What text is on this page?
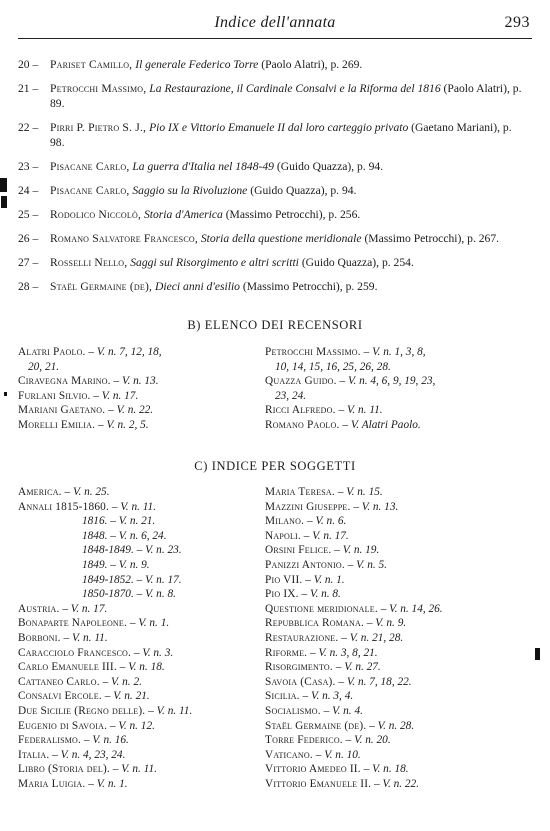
Indice dell'annata	293
20 – Pariset Camillo, Il generale Federico Torre (Paolo Alatri), p. 269.
21 – Petrocchi Massimo, La Restaurazione, il Cardinale Consalvi e la Riforma del 1816 (Paolo Alatri), p. 89.
22 – Pirri P. Pietro S. J., Pio IX e Vittorio Emanuele II dal loro carteggio privato (Gaetano Mariani), p. 98.
23 – Pisacane Carlo, La guerra d'Italia nel 1848-49 (Guido Quazza), p. 94.
24 – Pisacane Carlo, Saggio su la Rivoluzione (Guido Quazza), p. 94.
25 – Rodolico Niccolò, Storia d'America (Massimo Petrocchi), p. 256.
26 – Romano Salvatore Francesco, Storia della questione meridionale (Massimo Petrocchi), p. 267.
27 – Rosselli Nello, Saggi sul Risorgimento e altri scritti (Guido Quazza), p. 254.
28 – Staël Germaine (de), Dieci anni d'esilio (Massimo Petrocchi), p. 259.
B) ELENCO DEI RECENSORI
Alatri Paolo. – V. n. 7, 12, 18,
20, 21.
Ciravegna Marino. – V. n. 13.
Furlani Silvio. – V. n. 17.
Mariani Gaetano. – V. n. 22.
Morelli Emilia. – V. n. 2, 5.
Petrocchi Massimo. – V. n. 1, 3, 8,
10, 14, 15, 16, 25, 26, 28.
Quazza Guido. – V. n. 4, 6, 9, 19, 23,
23, 24.
Ricci Alfredo. – V. n. 11.
Romano Paolo. – V. Alatri Paolo.
C) INDICE PER SOGGETTI
America. – V. n. 25.
Annali 1815-1860. – V. n. 11.
1816. – V. n. 21.
1848. – V. n. 6, 24.
1848-1849. – V. n. 23.
1849. – V. n. 9.
1849-1852. – V. n. 17.
1850-1870. – V. n. 8.
Austria. – V. n. 17.
Bonaparte Napoleone. – V. n. 1.
Borboni. – V. n. 11.
Caracciolo Francesco. – V. n. 3.
Carlo Emanuele III. – V. n. 18.
Cattaneo Carlo. – V. n. 2.
Consalvi Ercole. – V. n. 21.
Due Sicilie (Regno delle). – V. n. 11.
Eugenio di Savoia. – V. n. 12.
Federalismo. – V. n. 16.
Italia. – V. n. 4, 23, 24.
Libro (Storia del). – V. n. 11.
Maria Luigia. – V. n. 1.
Maria Teresa. – V. n. 15.
Mazzini Giuseppe. – V. n. 13.
Milano. – V. n. 6.
Napoli. – V. n. 17.
Orsini Felice. – V. n. 19.
Panizzi Antonio. – V. n. 5.
Pio VII. – V. n. 1.
Pio IX. – V. n. 8.
Questione meridionale. – V. n. 14, 26.
Repubblica Romana. – V. n. 9.
Restaurazione. – V. n. 21, 28.
Riforme. – V. n. 3, 8, 21.
Risorgimento. – V. n. 27.
Savoia (Casa). – V. n. 7, 18, 22.
Sicilia. – V. n. 3, 4.
Socialismo. – V. n. 4.
Staël Germaine (de). – V. n. 28.
Torre Federico. – V. n. 20.
Vaticano. – V. n. 10.
Vittorio Amedeo II. – V. n. 18.
Vittorio Emanuele II. – V. n. 22.
